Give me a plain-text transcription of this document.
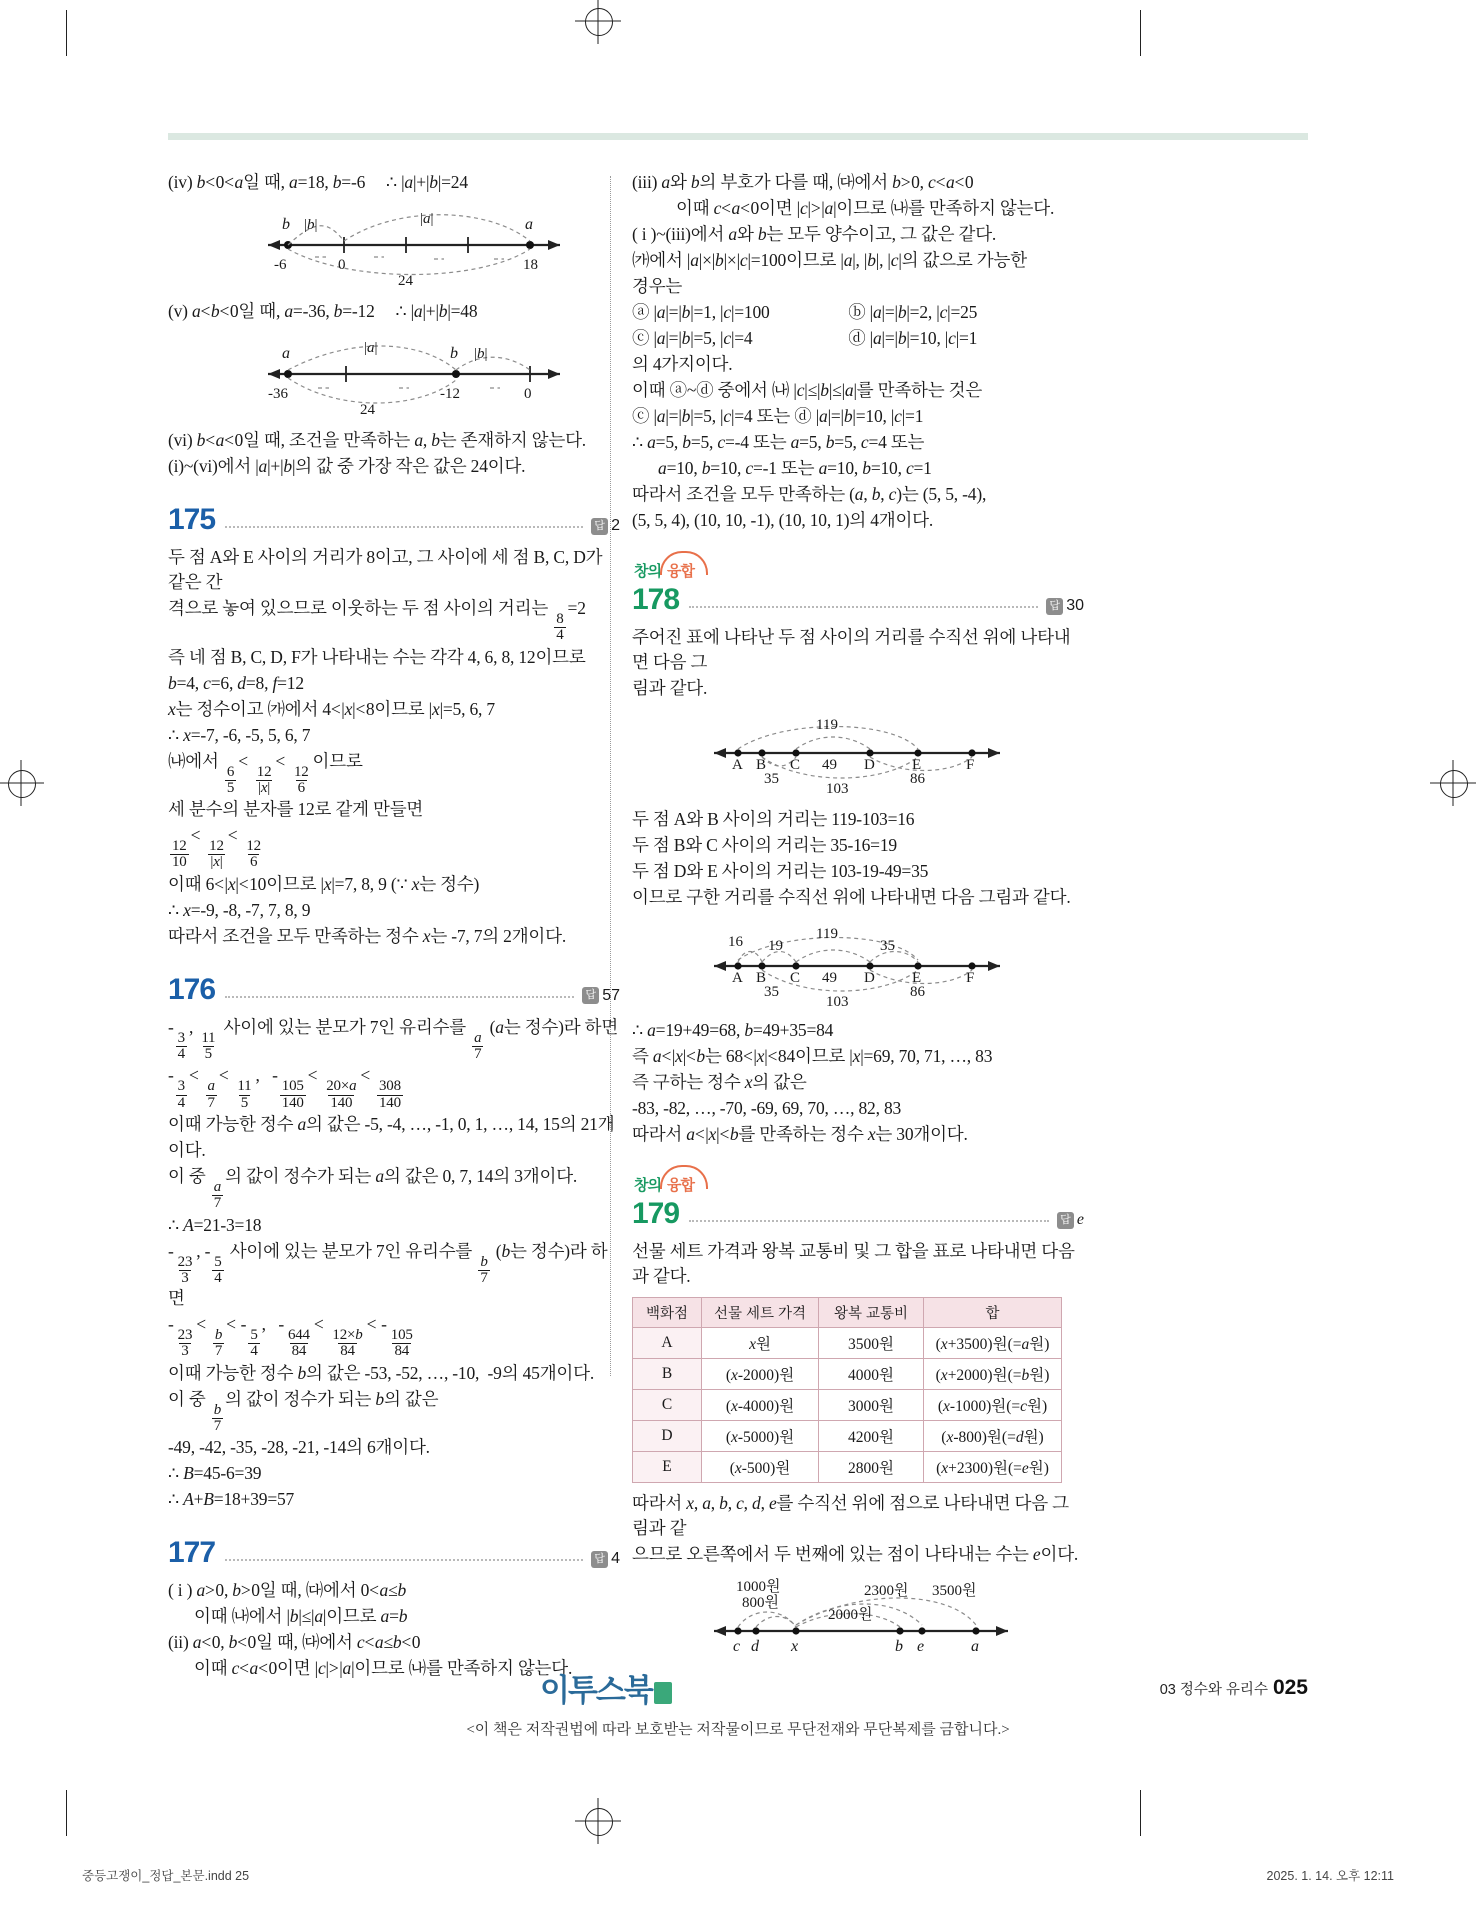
(iv) b<0<a일 때, a=18, b=-6     ∴ |a|+|b|=24

b |b|	|a|	a
-6	0	18
24

(v) a<b<0일 때, a=-36, b=-12     ∴ |a|+|b|=48

|a|	b |b|
a
-36	-12	0
24

(vi) b<a<0일 때, 조건을 만족하는 a, b는 존재하지 않는다.

(i)~(vi)에서 |a|+|b|의 값 중 가장 작은 값은 24이다.

175	답 2

두 점 A와 E 사이의 거리가 8이고, 그 사이에 세 점 B, C, D가 같은 간

격으로 놓여 있으므로 이웃하는 두 점 사이의 거리는
$\frac{8}{4}$
=2

즉 네 점 B, C, D, F가 나타내는 수는 각각 4, 6, 8, 12이므로

b=4, c=6, d=8, f=12

x는 정수이고 ㈎에서 4<|x|<8이므로 |x|=5, 6, 7

∴ x=-7, -6, -5, 5, 6, 7

㈏에서
$\frac{6}{5}$
<
$\frac{12}{|x|}$
<
$\frac{12}{6}$
이므로

세 분수의 분자를 12로 같게 만들면

$\frac{12}{10}$
<
$\frac{12}{|x|}$
<
$\frac{12}{6}$

이때 6<|x|<10이므로 |x|=7, 8, 9 (∵ x는 정수)

∴ x=-9, -8, -7, 7, 8, 9

따라서 조건을 모두 만족하는 정수 x는 -7, 7의 2개이다.

176	답 57

-
$\frac{3}{4}$
,
$\frac{11}{5}$
사이에 있는 분모가 7인 유리수를
$\frac{a}{7}$
(a는 정수)라 하면

-
$\frac{3}{4}$
<
$\frac{a}{7}$
<
$\frac{11}{5}$
,   -
$\frac{105}{140}$
<
$\frac{20\times a}{140}$
<
$\frac{308}{140}$

이때 가능한 정수 a의 값은 -5, -4, …, -1, 0, 1, …, 14, 15의 21개

이다.

이 중
$\frac{a}{7}$
의 값이 정수가 되는 a의 값은 0, 7, 14의 3개이다.

∴ A=21-3=18

-
$\frac{23}{3}$
, -
$\frac{5}{4}$
사이에 있는 분모가 7인 유리수를
$\frac{b}{7}$
(b는 정수)라 하면

-
$\frac{23}{3}$
<
$\frac{b}{7}$
< -
$\frac{5}{4}$
,   -
$\frac{644}{84}$
<
$\frac{12\times b}{84}$
< -
$\frac{105}{84}$

이때 가능한 정수 b의 값은 -53, -52, …, -10,  -9의 45개이다.

이 중
$\frac{b}{7}$
의 값이 정수가 되는 b의 값은

-49, -42, -35, -28, -21, -14의 6개이다.

∴ B=45-6=39

∴ A+B=18+39=57

177	답 4

( i ) a>0, b>0일 때, ㈐에서 0<a≤b

이때 ㈏에서 |b|≤|a|이므로 a=b

(ii) a<0, b<0일 때, ㈐에서 c<a≤b<0

이때 c<a<0이면 |c|>|a|이므로 ㈏를 만족하지 않는다.

(iii) a와 b의 부호가 다를 때, ㈐에서 b>0, c<a<0

이때 c<a<0이면 |c|>|a|이므로 ㈏를 만족하지 않는다.

( i )~(iii)에서 a와 b는 모두 양수이고, 그 값은 같다.

㈎에서 |a|×|b|×|c|=100이므로 |a|, |b|, |c|의 값으로 가능한

경우는

ⓐ |a|=|b|=1, |c|=100	ⓑ |a|=|b|=2, |c|=25

ⓒ |a|=|b|=5, |c|=4	ⓓ |a|=|b|=10, |c|=1

의 4가지이다.

이때 ⓐ~ⓓ 중에서 ㈏ |c|≤|b|≤|a|를 만족하는 것은

ⓒ |a|=|b|=5, |c|=4 또는 ⓓ |a|=|b|=10, |c|=1

∴ a=5, b=5, c=-4 또는 a=5, b=5, c=4 또는

a=10, b=10, c=-1 또는 a=10, b=10, c=1

따라서 조건을 모두 만족하는 (a, b, c)는 (5, 5, -4),

(5, 5, 4), (10, 10, -1), (10, 10, 1)의 4개이다.

창의 융합
178	답 30

주어진 표에 나타난 두 점 사이의 거리를 수직선 위에 나타내면 다음 그

림과 같다.

119
A B C	D E	F
35
49
103
86

두 점 A와 B 사이의 거리는 119-103=16

두 점 B와 C 사이의 거리는 35-16=19

두 점 D와 E 사이의 거리는 103-19-49=35

이므로 구한 거리를 수직선 위에 나타내면 다음 그림과 같다.

16 19
119
35
A B C	D E	F
35
49
103
86

∴ a=19+49=68, b=49+35=84

즉 a<|x|<b는 68<|x|<84이므로 |x|=69, 70, 71, …, 83

즉 구하는 정수 x의 값은

-83, -82, …, -70, -69, 69, 70, …, 82, 83

따라서 a<|x|<b를 만족하는 정수 x는 30개이다.

창의 융합
179	답 e

선물 세트 가격과 왕복 교통비 및 그 합을 표로 나타내면 다음과 같다.

백화점	선물 세트 가격	왕복 교통비	합
A	x원	3500원	(x+3500)원(=a원)
B	(x-2000)원	4000원	(x+2000)원(=b원)
C	(x-4000)원	3000원	(x-1000)원(=c원)
D	(x-5000)원	4200원	(x-800)원(=d원)
E	(x-500)원	2800원	(x+2300)원(=e원)

따라서 x, a, b, c, d, e를 수직선 위에 점으로 나타내면 다음 그림과 같

으므로 오른쪽에서 두 번째에 있는 점이 나타내는 수는 e이다.

1000원
800원
2000원
2300원 3500원
c d x	b e	a
이투스북
<이 책은 저작권법에 따라 보호받는 저작물이므로 무단전재와 무단복제를 금합니다.>
03 정수와 유리수 025
중등고쟁이_정답_본문.indd 25	2025. 1. 14. 오후 12:11
